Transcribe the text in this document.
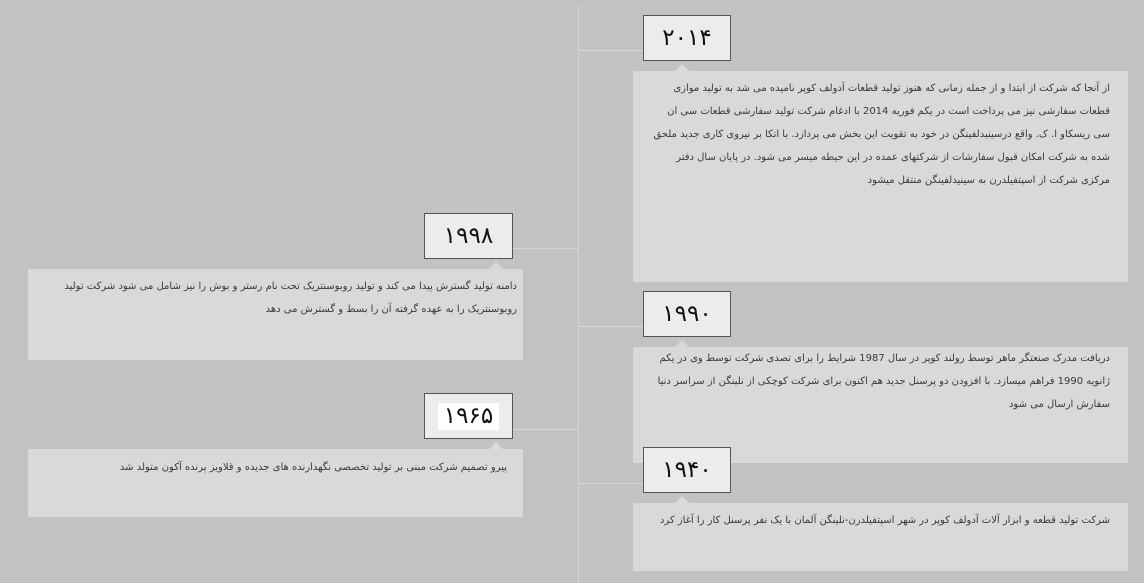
۲۰۱۴

از آنجا که شرکت از ابتدا و از جمله زمانی که هنوز تولید قطعات آدولف کوپر نامیده می شد به تولید موازی قطعات سفارشی نیز می پرداخت است در یکم فوریه 2014 با ادغام شرکت تولید سفارشی قطعات سی ان سی ریسکاو ا. ک. واقع درسینیدلفینگن در خود به تقویت این بخش می پردازد. با اتکا بر نیروی کاری جدید ملحق شده به شرکت امکان قبول سفارشات از شرکتهای عمده در این حیطه میسر می شود. در پایان سال دفتر مرکزی شرکت از اسپتفیلدرن به سینیدلفینگن منتقل میشود

۱۹۹۸

دامنه تولید گسترش پیدا می کند و تولید روبوسنتریک تحت نام رستر و بوش را نیز شامل می شود شرکت تولید روبوسنتریک را به عهده گرفته آن را بسط و گسترش می دهد	۱۹۹۰

دریافت مدرک صنعتگر ماهر توسط رولند کوپر در سال 1987 شرایط را برای تصدی شرکت توسط وی در یکم ژانویه 1990 فراهم میسازد. با افزودن دو پرسنل جدید هم اکنون برای شرکت کوچکی از نلینگن از سراسر دنیا سفارش ارسال می شود

۱۹۶۵

پیرو تصمیم شرکت مبنی بر تولید تخصصی نگهدارنده های جدیده و قلاویز پرنده آکون متولد شد	۱۹۴۰

شرکت تولید قطعه و ابزار آلات آدولف کوپر در شهر اسپتفیلدرن-نلینگن آلمان با یک نفر پرسنل کار را آغاز کرد
